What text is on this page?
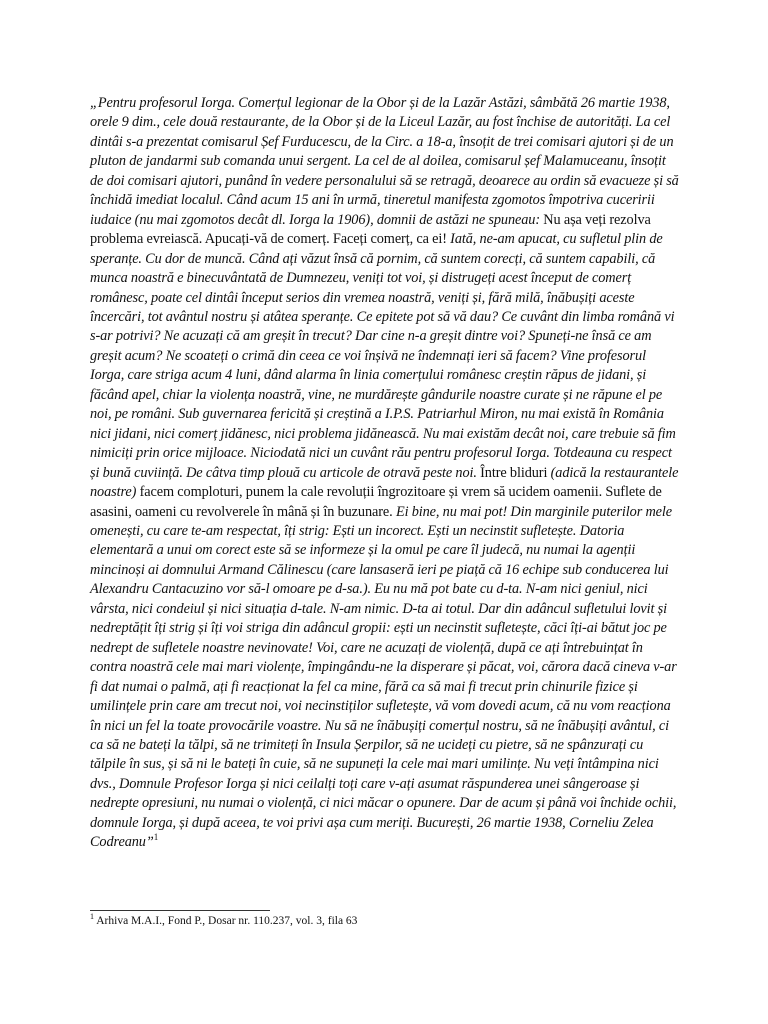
„Pentru profesorul Iorga. Comerțul legionar de la Obor și de la Lazăr Astăzi, sâmbătă 26 martie 1938, orele 9 dim., cele două restaurante, de la Obor și de la Liceul Lazăr, au fost închise de autorități. La cel dintâi s-a prezentat comisarul Șef Furducescu, de la Circ. a 18-a, însoțit de trei comisari ajutori și de un pluton de jandarmi sub comanda unui sergent. La cel de al doilea, comisarul șef Malamuceanu, însoțit de doi comisari ajutori, punând în vedere personalului să se retragă, deoarece au ordin să evacueze și să închidă imediat localul. Când acum 15 ani în urmă, tineretul manifesta zgomotos împotriva cuceririi iudaice (nu mai zgomotos decât dl. Iorga la 1906), domnii de astăzi ne spuneau: Nu așa veți rezolva problema evreiască. Apucați-vă de comerț. Faceți comerț, ca ei! Iată, ne-am apucat, cu sufletul plin de speranțe. Cu dor de muncă. Când ați văzut însă că pornim, că suntem corecți, că suntem capabili, că munca noastră e binecuvântată de Dumnezeu, veniți tot voi, și distrugeți acest început de comerț românesc, poate cel dintâi început serios din vremea noastră, veniți și, fără milă, înăbușiți aceste încercări, tot avântul nostru și atâtea speranțe. Ce epitete pot să vă dau? Ce cuvânt din limba română vi s-ar potrivi? Ne acuzați că am greșit în trecut? Dar cine n-a greșit dintre voi? Spuneți-ne însă ce am greșit acum? Ne scoateți o crimă din ceea ce voi înșivă ne îndemnați ieri să facem? Vine profesorul Iorga, care striga acum 4 luni, dând alarma în linia comerțului românesc creștin răpus de jidani, și făcând apel, chiar la violența noastră, vine, ne murdărește gândurile noastre curate și ne răpune el pe noi, pe români. Sub guvernarea fericită și creștină a I.P.S. Patriarhul Miron, nu mai există în România nici jidani, nici comerț jidănesc, nici problema jidănească. Nu mai existăm decât noi, care trebuie să fim nimiciți prin orice mijloace. Niciodată nici un cuvânt rău pentru profesorul Iorga. Totdeauna cu respect și bună cuviință. De câtva timp plouă cu articole de otravă peste noi. Între bliduri (adică la restaurantele noastre) facem comploturi, punem la cale revoluții îngrozitoare și vrem să ucidem oamenii. Suflete de asasini, oameni cu revolverele în mână și în buzunare. Ei bine, nu mai pot! Din marginile puterilor mele omenești, cu care te-am respectat, îți strig: Ești un incorect. Ești un necinstit sufletește. Datoria elementară a unui om corect este să se informeze și la omul pe care îl judecă, nu numai la agenții mincinoși ai domnului Armand Călinescu (care lansaseră ieri pe piață că 16 echipe sub conducerea lui Alexandru Cantacuzino vor să-l omoare pe d-sa.). Eu nu mă pot bate cu d-ta. N-am nici geniul, nici vârsta, nici condeiul și nici situația d-tale. N-am nimic. D-ta ai totul. Dar din adâncul sufletului lovit și nedreptățit îți strig și îți voi striga din adâncul gropii: ești un necinstit sufletește, căci îți-ai bătut joc pe nedrept de sufletele noastre nevinovate! Voi, care ne acuzați de violență, după ce ați întrebuințat în contra noastră cele mai mari violențe, împingându-ne la disperare și păcat, voi, cărora dacă cineva v-ar fi dat numai o palmă, ați fi reacționat la fel ca mine, fără ca să mai fi trecut prin chinurile fizice și umilințele prin care am trecut noi, voi necinstiților sufletește, vă vom dovedi acum, că nu vom reacționa în nici un fel la toate provocările voastre. Nu să ne înăbușiți comerțul nostru, să ne înăbușiți avântul, ci ca să ne bateți la tălpi, să ne trimiteți în Insula Șerpilor, să ne ucideți cu pietre, să ne spânzurați cu tălpile în sus, și să ni le bateți în cuie, să ne supuneți la cele mai mari umilințe. Nu veți întâmpina nici dvs., Domnule Profesor Iorga și nici ceilalți toți care v-ați asumat răspunderea unei sângeroase și nedrepte opresiuni, nu numai o violență, ci nici măcar o opunere. Dar de acum și până voi închide ochii, domnule Iorga, și după aceea, te voi privi așa cum meriți. București, 26 martie 1938, Corneliu Zelea Codreanu”$^1$

$^1$ Arhiva M.A.I., Fond P., Dosar nr. 110.237, vol. 3, fila 63
